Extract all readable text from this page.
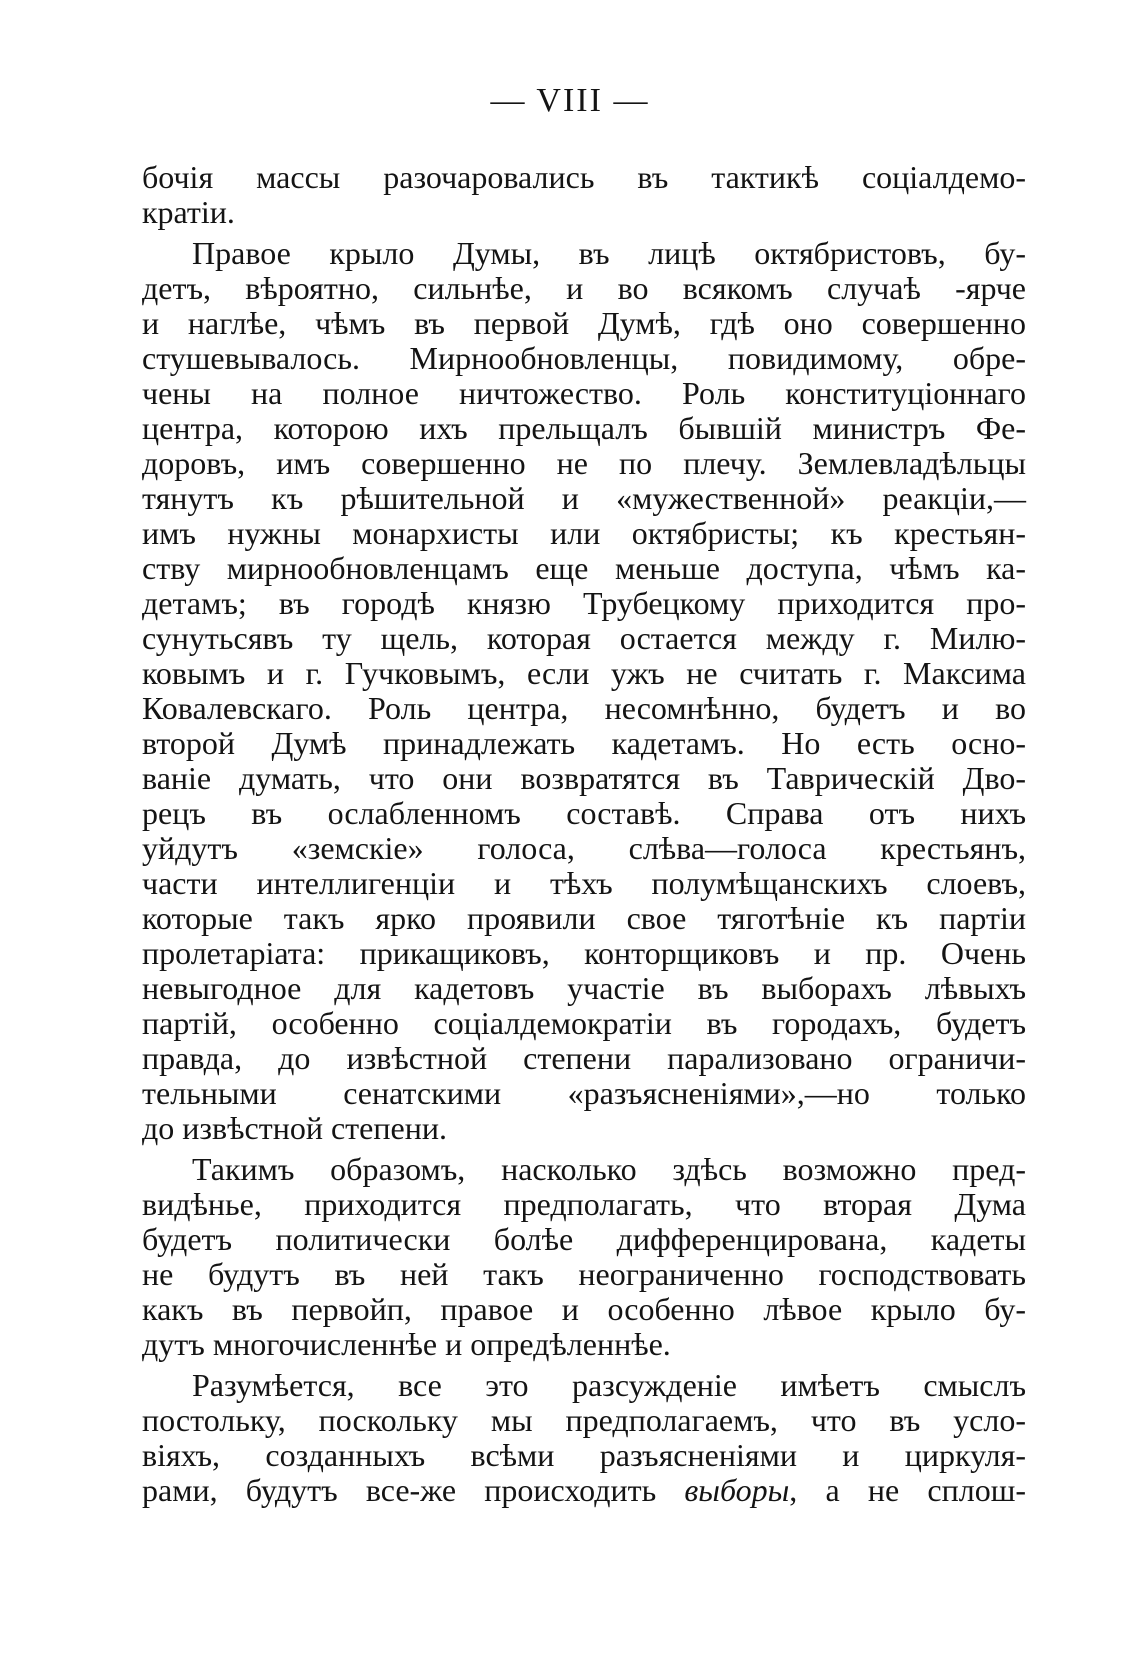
— VIII —
бочія массы разочаровались въ тактикѣ соціалдемо-
кратіи.
Правое крыло Думы, въ лицѣ октябристовъ, бу-
детъ, вѣроятно, сильнѣе, и во всякомъ случаѣ -ярче
и наглѣе, чѣмъ въ первой Думѣ, гдѣ оно совершенно
стушевывалось. Мирнообновленцы, повидимому, обре-
чены на полное ничтожество. Роль конституціоннаго
центра, которою ихъ прельщалъ бывшій министръ Фе-
доровъ, имъ совершенно не по плечу. Землевладѣльцы
тянутъ къ рѣшительной и «мужественной» реакціи,—
имъ нужны монархисты или октябристы; къ крестьян-
ству мирнообновленцамъ еще меньше доступа, чѣмъ ка-
детамъ; въ городѣ князю Трубецкому приходится про-
сунутьсявъ ту щель, которая остается между г. Милю-
ковымъ и г. Гучковымъ, если ужъ не считать г. Максима
Ковалевскаго. Роль центра, несомнѣнно, будетъ и во
второй Думѣ принадлежать кадетамъ. Но есть осно-
ваніе думать, что они возвратятся въ Таврическій Дво-
рецъ въ ослабленномъ составѣ. Справа отъ нихъ
уйдутъ «земскіе» голоса, слѣва—голоса крестьянъ,
части интеллигенціи и тѣхъ полумѣщанскихъ слоевъ,
которые такъ ярко проявили свое тяготѣніе къ партіи
пролетаріата: прикащиковъ, конторщиковъ и пр. Очень
невыгодное для кадетовъ участіе въ выборахъ лѣвыхъ
партій, особенно соціалдемократіи въ городахъ, будетъ
правда, до извѣстной степени парализовано ограничи-
тельными сенатскими «разъясненіями»,—но только
до извѣстной степени.
Такимъ образомъ, насколько здѣсь возможно пред-
видѣнье, приходится предполагать, что вторая Дума
будетъ политически болѣе дифференцирована, кадеты
не будутъ въ ней такъ неограниченно господствовать
какъ въ первойп, правое и особенно лѣвое крыло бу-
дутъ многочисленнѣе и опредѣленнѣе.
Разумѣется, все это разсужденіе имѣетъ смыслъ
постольку, поскольку мы предполагаемъ, что въ усло-
віяхъ, созданныхъ всѣми разъясненіями и циркуля-
рами, будутъ все-же происходить выборы, а не сплош-
